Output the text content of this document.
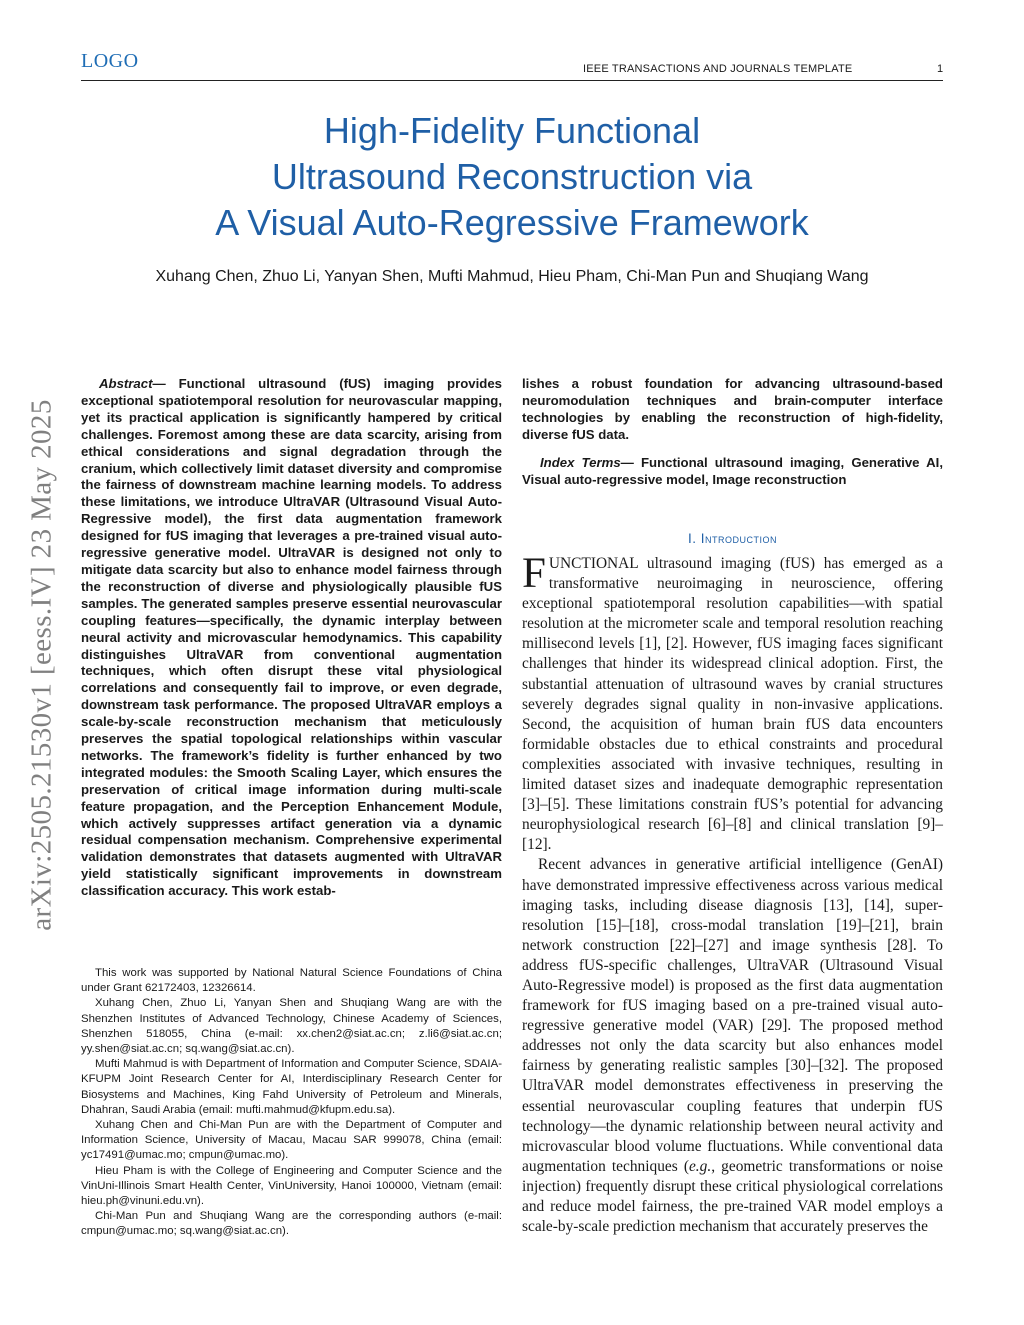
LOGO	IEEE TRANSACTIONS AND JOURNALS TEMPLATE	1
High-Fidelity Functional
Ultrasound Reconstruction via
A Visual Auto-Regressive Framework
Xuhang Chen, Zhuo Li, Yanyan Shen, Mufti Mahmud, Hieu Pham, Chi-Man Pun and Shuqiang Wang
arXiv:2505.21530v1 [eess.IV] 23 May 2025

Abstract— Functional ultrasound (fUS) imaging provides exceptional spatiotemporal resolution for neurovascular mapping, yet its practical application is significantly hampered by critical challenges. Foremost among these are data scarcity, arising from ethical considerations and signal degradation through the cranium, which collectively limit dataset diversity and compromise the fairness of downstream machine learning models. To address these limitations, we introduce UltraVAR (Ultrasound Visual Auto-Regressive model), the first data augmentation framework designed for fUS imaging that leverages a pre-trained visual auto-regressive generative model. UltraVAR is designed not only to mitigate data scarcity but also to enhance model fairness through the reconstruction of diverse and physiologically plausible fUS samples. The generated samples preserve essential neurovascular coupling features—specifically, the dynamic interplay between neural activity and microvascular hemodynamics. This capability distinguishes UltraVAR from conventional augmentation techniques, which often disrupt these vital physiological correlations and consequently fail to improve, or even degrade, downstream task performance. The proposed UltraVAR employs a scale-by-scale reconstruction mechanism that meticulously preserves the spatial topological relationships within vascular networks. The framework’s fidelity is further enhanced by two integrated modules: the Smooth Scaling Layer, which ensures the preservation of critical image information during multi-scale feature propagation, and the Perception Enhancement Module, which actively suppresses artifact generation via a dynamic residual compensation mechanism. Comprehensive experimental validation demonstrates that datasets augmented with UltraVAR yield statistically significant improvements in downstream classification accuracy. This work estab-

This work was supported by National Natural Science Foundations of China under Grant 62172403, 12326614.

Xuhang Chen, Zhuo Li, Yanyan Shen and Shuqiang Wang are with the Shenzhen Institutes of Advanced Technology, Chinese Academy of Sciences, Shenzhen 518055, China (e-mail: xx.chen2@siat.ac.cn; z.li6@siat.ac.cn; yy.shen@siat.ac.cn; sq.wang@siat.ac.cn).

Mufti Mahmud is with Department of Information and Computer Science, SDAIA-KFUPM Joint Research Center for AI, Interdisciplinary Research Center for Biosystems and Machines, King Fahd University of Petroleum and Minerals, Dhahran, Saudi Arabia (email: mufti.mahmud@kfupm.edu.sa).

Xuhang Chen and Chi-Man Pun are with the Department of Computer and Information Science, University of Macau, Macau SAR 999078, China (email: yc17491@umac.mo; cmpun@umac.mo).

Hieu Pham is with the College of Engineering and Computer Science and the VinUni-Illinois Smart Health Center, VinUniversity, Hanoi 100000, Vietnam (email: hieu.ph@vinuni.edu.vn).

Chi-Man Pun and Shuqiang Wang are the corresponding authors (e-mail: cmpun@umac.mo; sq.wang@siat.ac.cn).

lishes a robust foundation for advancing ultrasound-based neuromodulation techniques and brain-computer interface technologies by enabling the reconstruction of high-fidelity, diverse fUS data.

Index Terms— Functional ultrasound imaging, Generative AI, Visual auto-regressive model, Image reconstruction

I. Introduction

FUNCTIONAL ultrasound imaging (fUS) has emerged as a transformative neuroimaging in neuroscience, offering exceptional spatiotemporal resolution capabilities—with spatial resolution at the micrometer scale and temporal resolution reaching millisecond levels [1], [2]. However, fUS imaging faces significant challenges that hinder its widespread clinical adoption. First, the substantial attenuation of ultrasound waves by cranial structures severely degrades signal quality in non-invasive applications. Second, the acquisition of human brain fUS data encounters formidable obstacles due to ethical constraints and procedural complexities associated with invasive techniques, resulting in limited dataset sizes and inadequate demographic representation [3]–[5]. These limitations constrain fUS’s potential for advancing neurophysiological research [6]–[8] and clinical translation [9]–[12].

Recent advances in generative artificial intelligence (GenAI) have demonstrated impressive effectiveness across various medical imaging tasks, including disease diagnosis [13], [14], super-resolution [15]–[18], cross-modal translation [19]–[21], brain network construction [22]–[27] and image synthesis [28]. To address fUS-specific challenges, UltraVAR (Ultrasound Visual Auto-Regressive model) is proposed as the first data augmentation framework for fUS imaging based on a pre-trained visual auto-regressive generative model (VAR) [29]. The proposed method addresses not only the data scarcity but also enhances model fairness by generating realistic samples [30]–[32]. The proposed UltraVAR model demonstrates effectiveness in preserving the essential neurovascular coupling features that underpin fUS technology—the dynamic relationship between neural activity and microvascular blood volume fluctuations. While conventional data augmentation techniques (e.g., geometric transformations or noise injection) frequently disrupt these critical physiological correlations and reduce model fairness, the pre-trained VAR model employs a scale-by-scale prediction mechanism that accurately preserves the
